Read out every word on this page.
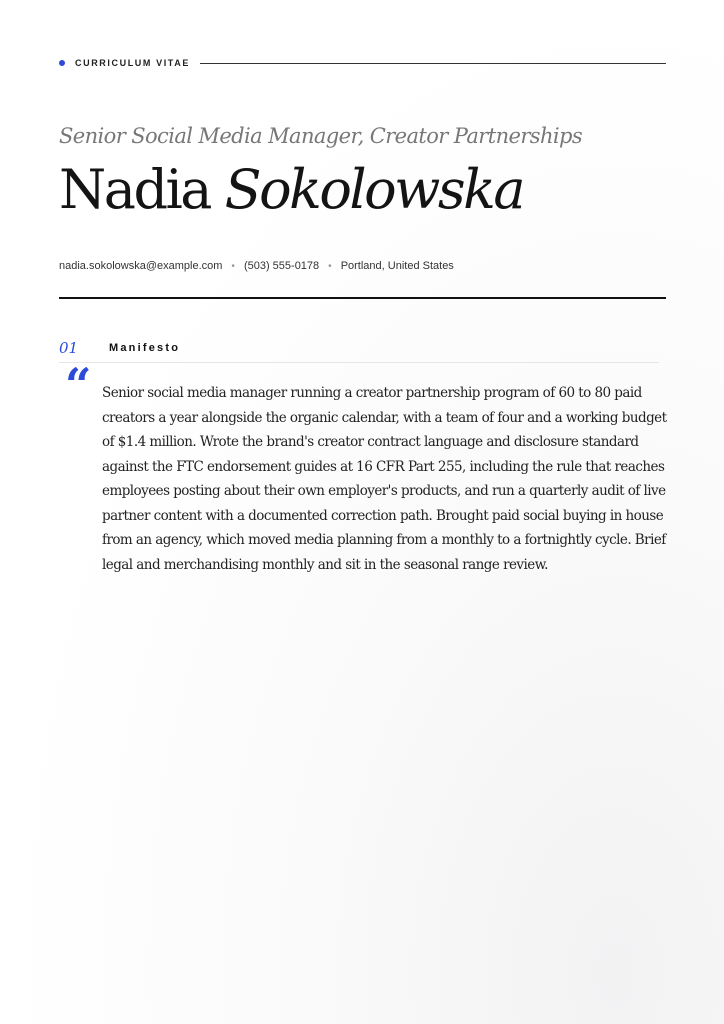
CURRICULUM VITAE
Senior Social Media Manager, Creator Partnerships
Nadia Sokolowska
nadia.sokolowska@example.com • (503) 555-0178 • Portland, United States
01	Manifesto
“ Senior social media manager running a creator partnership program of 60 to 80 paid creators a year alongside the organic calendar, with a team of four and a working budget of $1.4 million. Wrote the brand's creator contract language and disclosure standard against the FTC endorsement guides at 16 CFR Part 255, including the rule that reaches employees posting about their own employer's products, and run a quarterly audit of live partner content with a documented correction path. Brought paid social buying in house from an agency, which moved media planning from a monthly to a fortnightly cycle. Brief legal and merchandising monthly and sit in the seasonal range review.
